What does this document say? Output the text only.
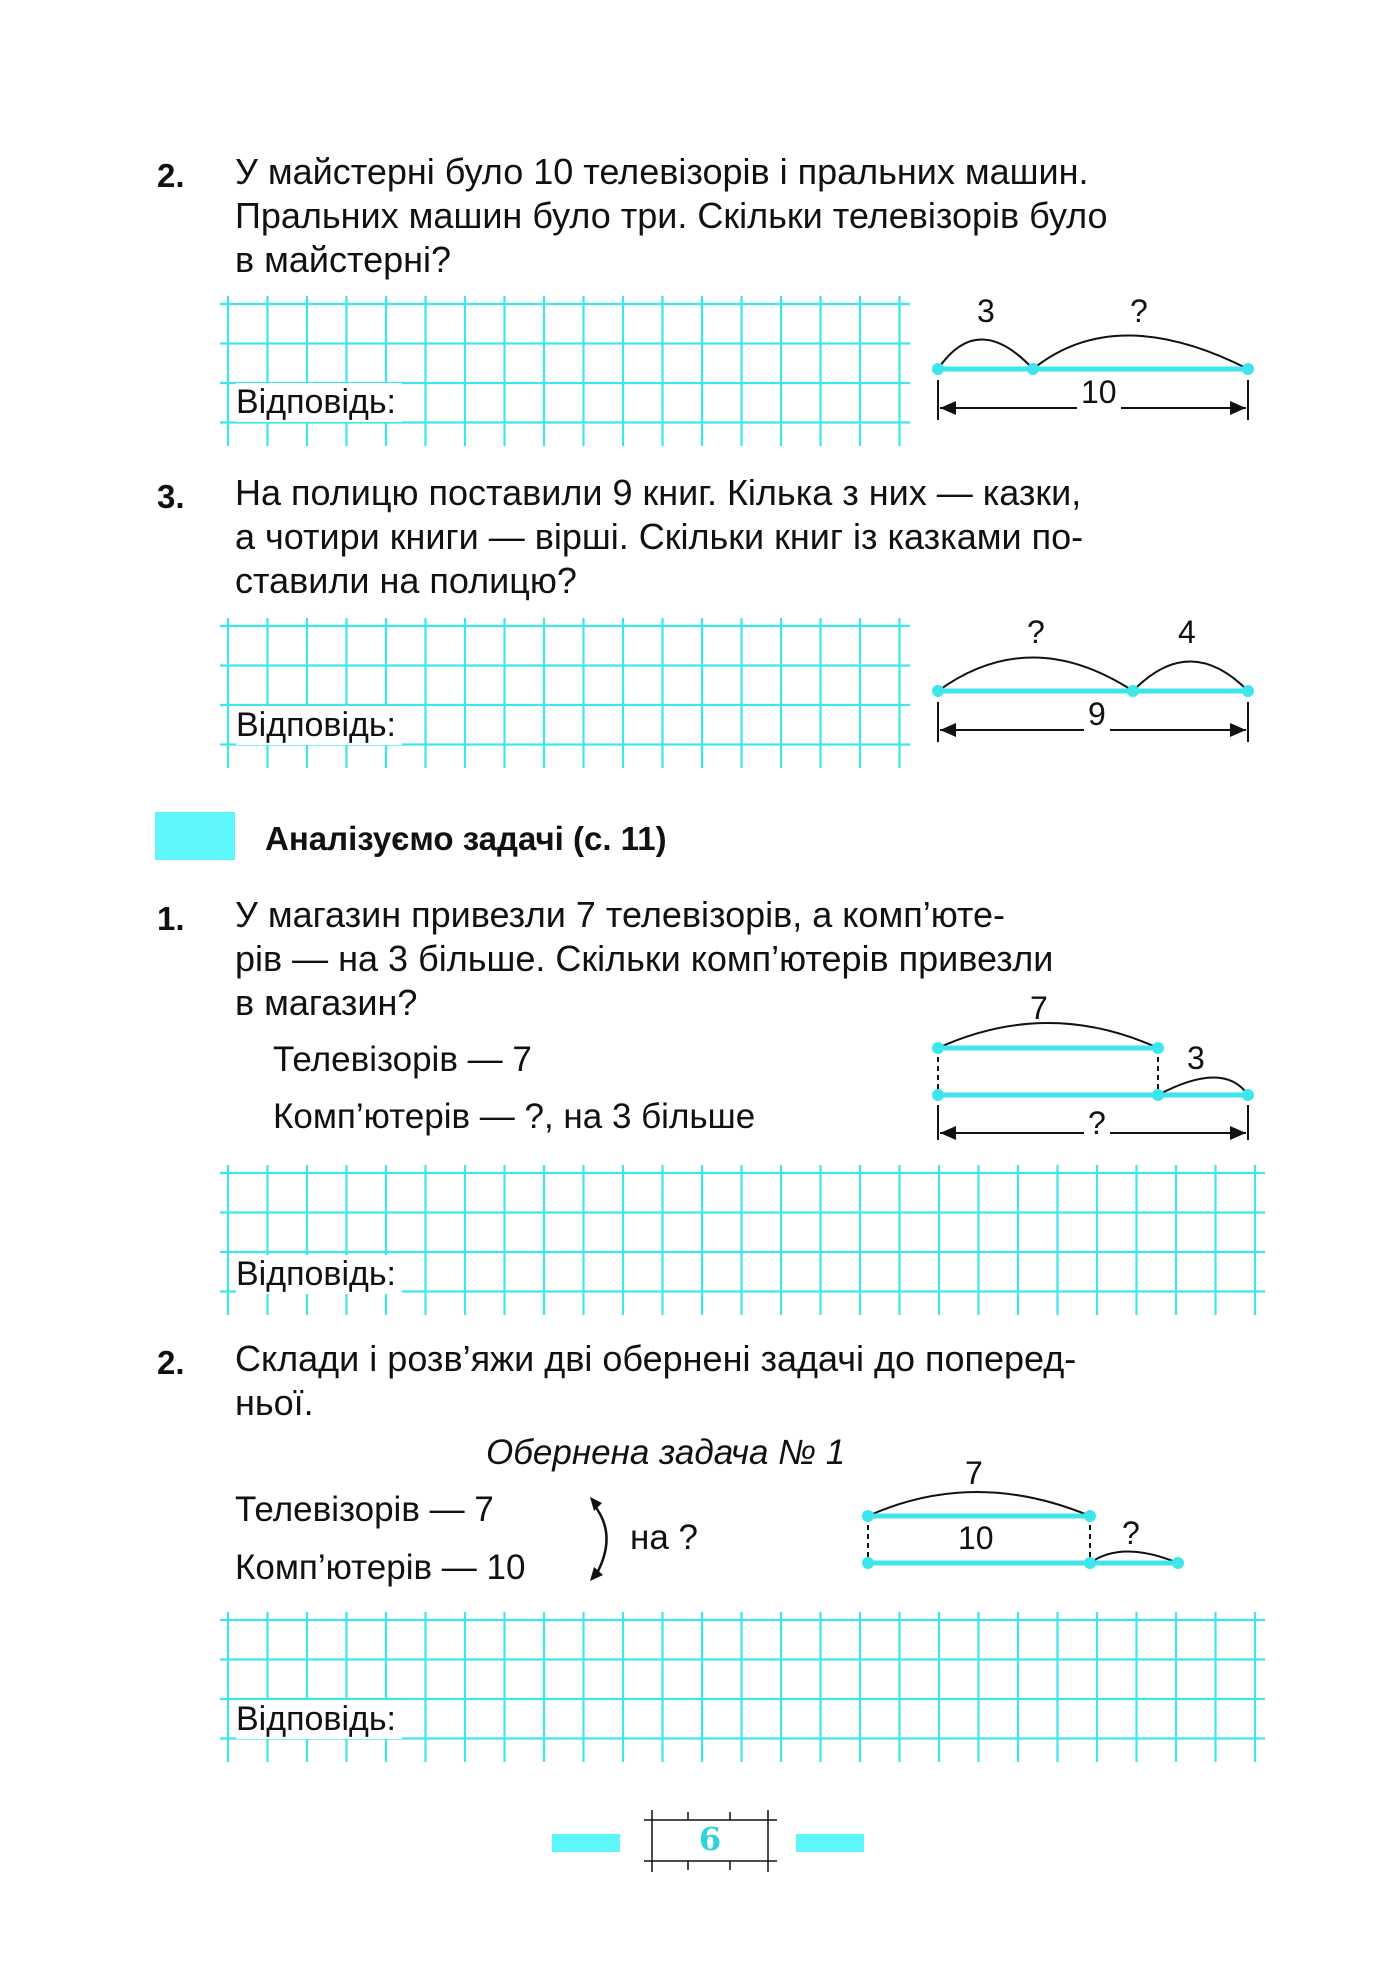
2. У майстерні було 10 телевізорів і пральних машин.
Пральних машин було три. Скільки телевізорів було
в майстерні?
Відповідь:
3	?
10
3. На полицю поставили 9 книг. Кілька з них — казки,
а чотири книги — вірші. Скільки книг із казками по-
ставили на полицю?
Відповідь:
?	4
9
Аналізуємо задачі (с. 11)
1. У магазин привезли 7 телевізорів, а комп’юте-
рів — на 3 більше. Скільки комп’ютерів привезли
в магазин?
Телевізорів — 7
Комп’ютерів — ?, на 3 більше
7
3
?
Відповідь:
2. Склади і розв’яжи дві обернені задачі до поперед-
ньої.
Обернена задача № 1
Телевізорів — 7
Комп’ютерів — 10
на ?
7
10	?
Відповідь:
6
